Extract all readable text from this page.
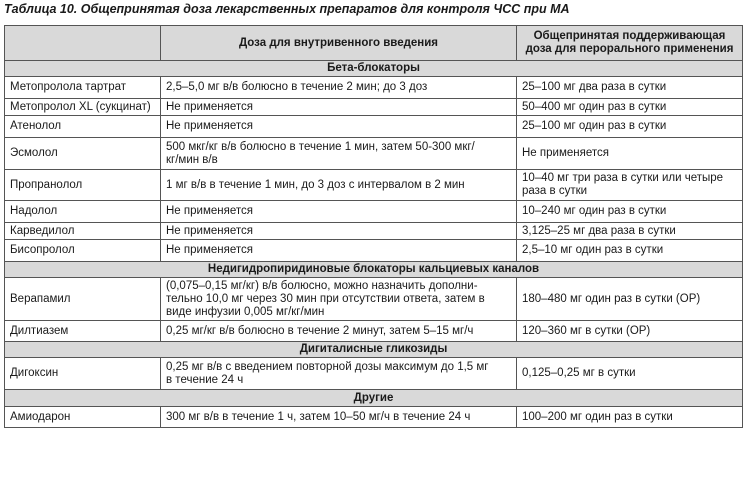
Таблица 10. Общепринятая доза лекарственных препаратов для контроля ЧСС при МА
	Доза для внутривенного введения	Общепринятая поддерживающая
доза для перорального применения
Бета-блокаторы		
Метопролола тартрат	2,5–5,0 мг в/в болюсно в течение 2 мин; до 3 доз	25–100 мг два раза в сутки
Метопролол XL (сукцинат)	Не применяется	50–400 мг один раз в сутки
Атенолол	Не применяется	25–100 мг один раз в сутки
Эсмолол	500 мкг/кг в/в болюсно в течение 1 мин, затем 50-300 мкг/
кг/мин в/в	Не применяется
Пропранолол	1 мг в/в в течение 1 мин, до 3 доз с интервалом в 2 мин	10–40 мг три раза в сутки или четыре
раза в сутки
Надолол	Не применяется	10–240 мг один раз в сутки
Карведилол	Не применяется	3,125–25 мг два раза в сутки
Бисопролол	Не применяется	2,5–10 мг один раз в сутки
Недигидропиридиновые блокаторы кальциевых каналов		
Верапамил	(0,075–0,15 мг/кг) в/в болюсно, можно назначить дополни-
тельно 10,0 мг через 30 мин при отсутствии ответа, затем в
виде инфузии 0,005 мг/кг/мин	180–480 мг один раз в сутки (ОР)
Дилтиазем	0,25 мг/кг в/в болюсно в течение 2 минут, затем 5–15 мг/ч	120–360 мг в сутки (ОР)
Дигиталисные гликозиды		
Дигоксин	0,25 мг в/в с введением повторной дозы максимум до 1,5 мг
в течение 24 ч	0,125–0,25 мг в сутки
Другие		
Амиодарон	300 мг в/в в течение 1 ч, затем 10–50 мг/ч в течение 24 ч	100–200 мг один раз в сутки
